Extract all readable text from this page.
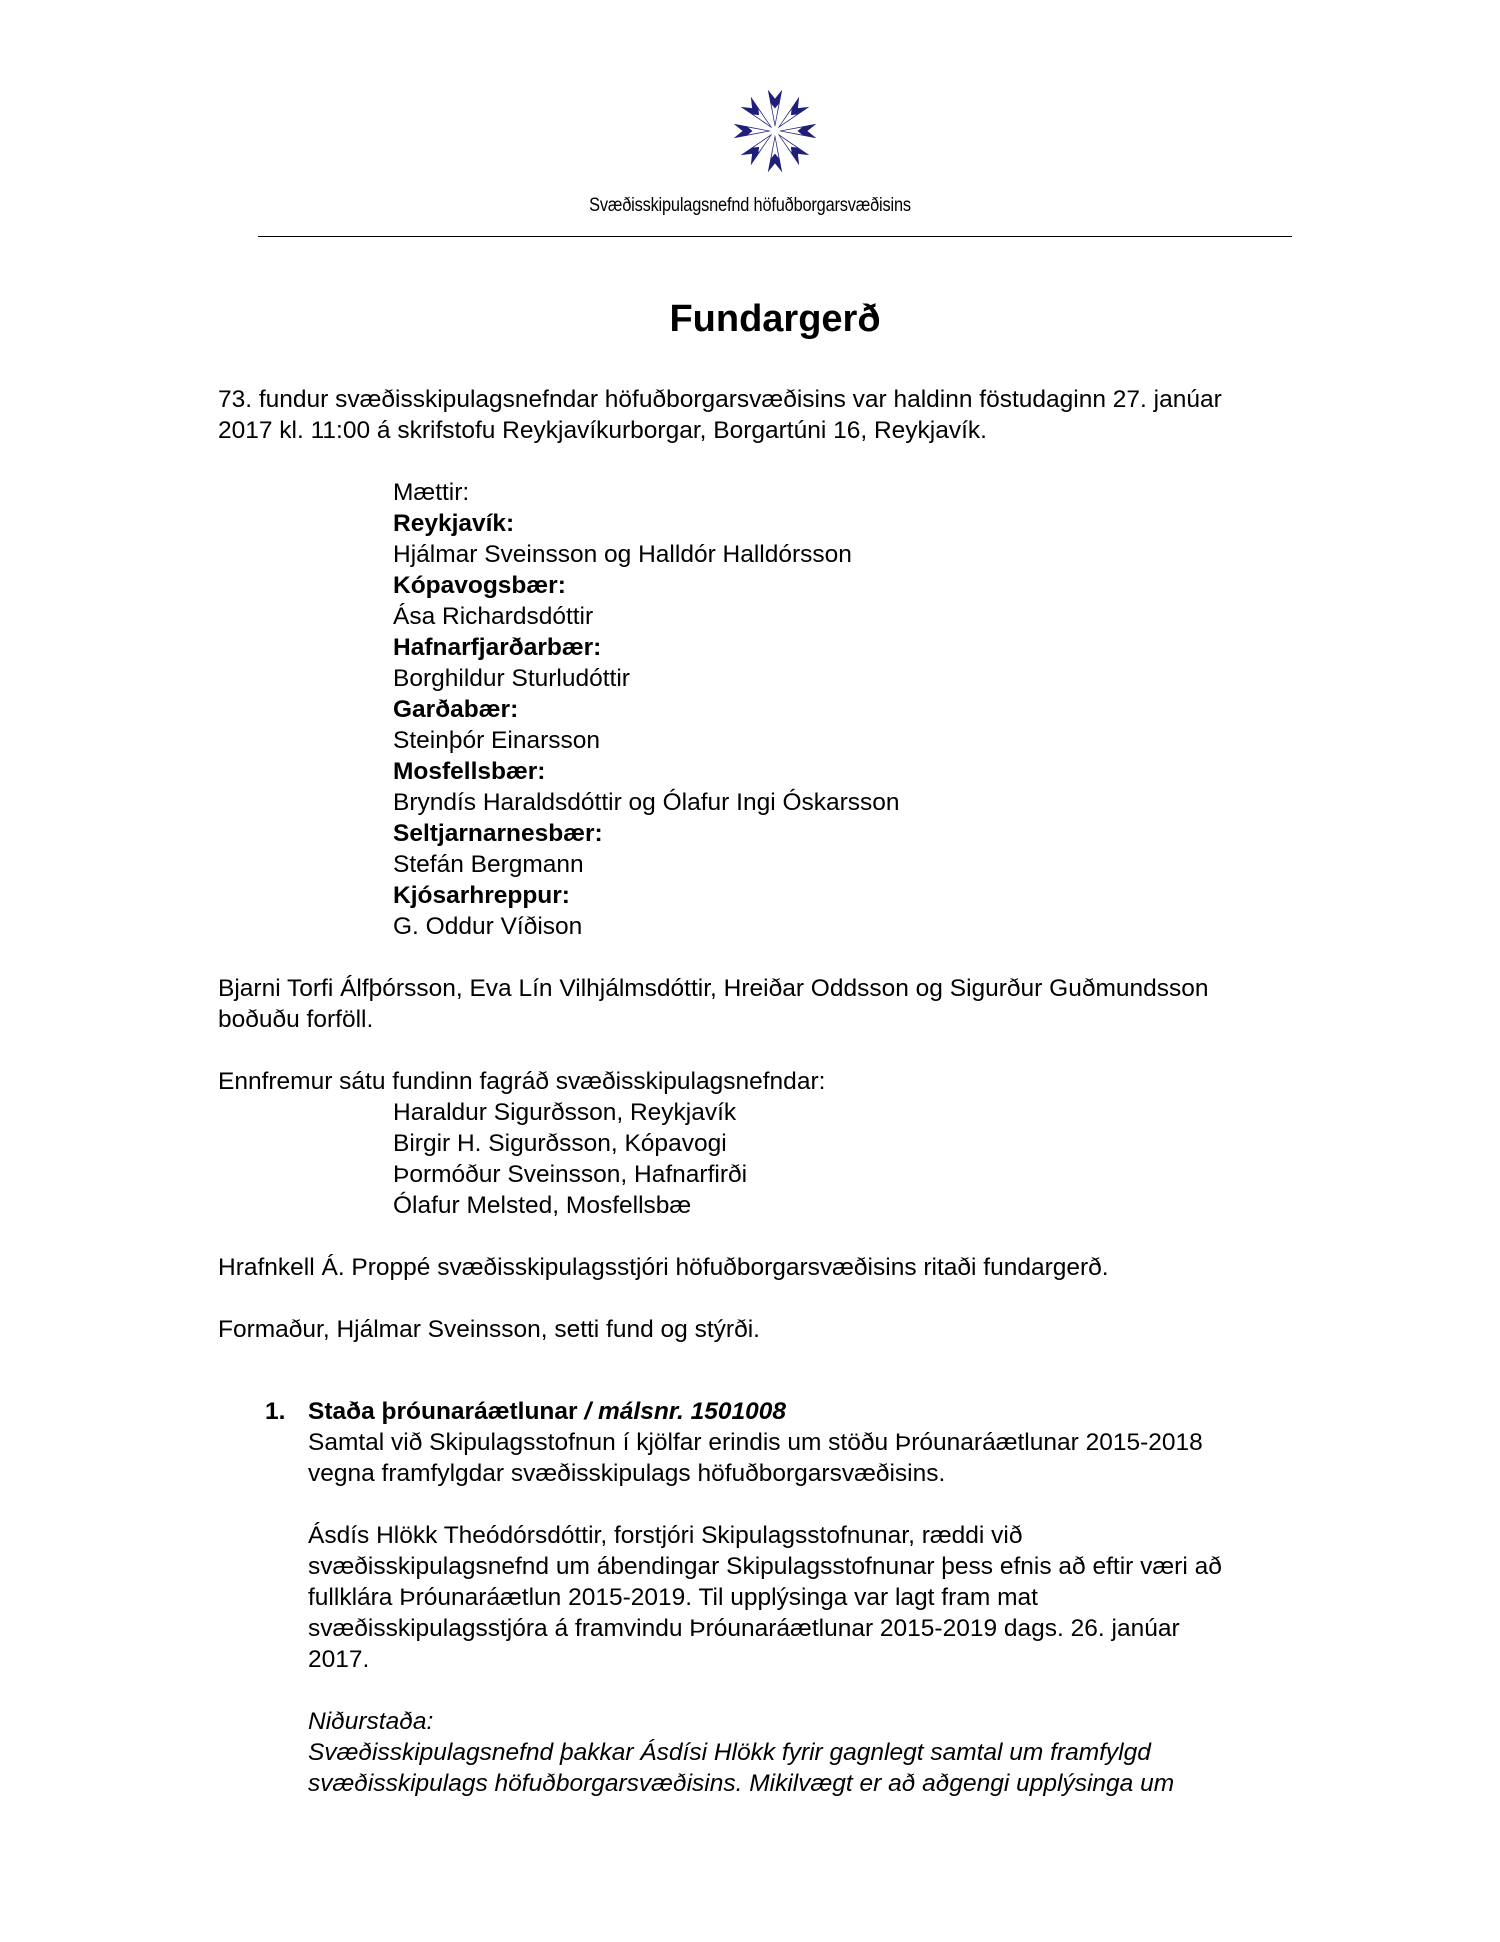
Svæðisskipulagsnefnd höfuðborgarsvæðisins
Fundargerð

73. fundur svæðisskipulagsnefndar höfuðborgarsvæðisins var haldinn föstudaginn 27. janúar

2017 kl. 11:00 á skrifstofu Reykjavíkurborgar, Borgartúni 16, Reykjavík.

Mættir:

Reykjavík:

Hjálmar Sveinsson og Halldór Halldórsson

Kópavogsbær:

Ása Richardsdóttir

Hafnarfjarðarbær:

Borghildur Sturludóttir

Garðabær:

Steinþór Einarsson

Mosfellsbær:

Bryndís Haraldsdóttir og Ólafur Ingi Óskarsson

Seltjarnarnesbær:

Stefán Bergmann

Kjósarhreppur:

G. Oddur Víðison

Bjarni Torfi Álfþórsson, Eva Lín Vilhjálmsdóttir, Hreiðar Oddsson og Sigurður Guðmundsson

boðuðu forföll.

Ennfremur sátu fundinn fagráð svæðisskipulagsnefndar:

Haraldur Sigurðsson, Reykjavík

Birgir H. Sigurðsson, Kópavogi

Þormóður Sveinsson, Hafnarfirði

Ólafur Melsted, Mosfellsbæ

Hrafnkell Á. Proppé svæðisskipulagsstjóri höfuðborgarsvæðisins ritaði fundargerð.

Formaður, Hjálmar Sveinsson, setti fund og stýrði.

1. Staða þróunaráætlunar / málsnr. 1501008

Samtal við Skipulagsstofnun í kjölfar erindis um stöðu Þróunaráætlunar 2015-2018

vegna framfylgdar svæðisskipulags höfuðborgarsvæðisins.

Ásdís Hlökk Theódórsdóttir, forstjóri Skipulagsstofnunar, ræddi við

svæðisskipulagsnefnd um ábendingar Skipulagsstofnunar þess efnis að eftir væri að

fullklára Þróunaráætlun 2015-2019. Til upplýsinga var lagt fram mat

svæðisskipulagsstjóra á framvindu Þróunaráætlunar 2015-2019 dags. 26. janúar

2017.

Niðurstaða:

Svæðisskipulagsnefnd þakkar Ásdísi Hlökk fyrir gagnlegt samtal um framfylgd

svæðisskipulags höfuðborgarsvæðisins. Mikilvægt er að aðgengi upplýsinga um
